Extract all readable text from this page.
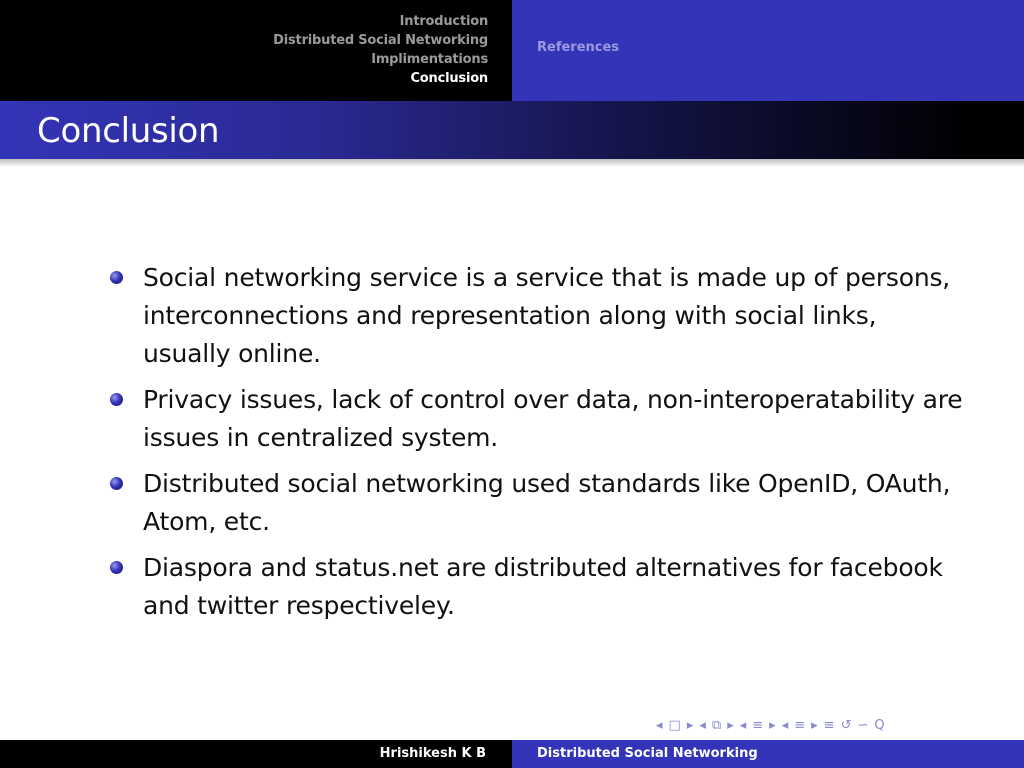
Introduction
Distributed Social Networking
Implimentations
Conclusion
References
Conclusion
Social networking service is a service that is made up of persons, interconnections and representation along with social links, usually online.
Privacy issues, lack of control over data, non-interoperatability are issues in centralized system.
Distributed social networking used standards like OpenID, OAuth, Atom, etc.
Diaspora and status.net are distributed alternatives for facebook and twitter respectiveley.
◂ □ ▸ ◂ ⧉ ▸ ◂ ≡ ▸ ◂ ≡ ▸ ≡ ↺ ∽ Q
Hrishikesh K B	Distributed Social Networking
